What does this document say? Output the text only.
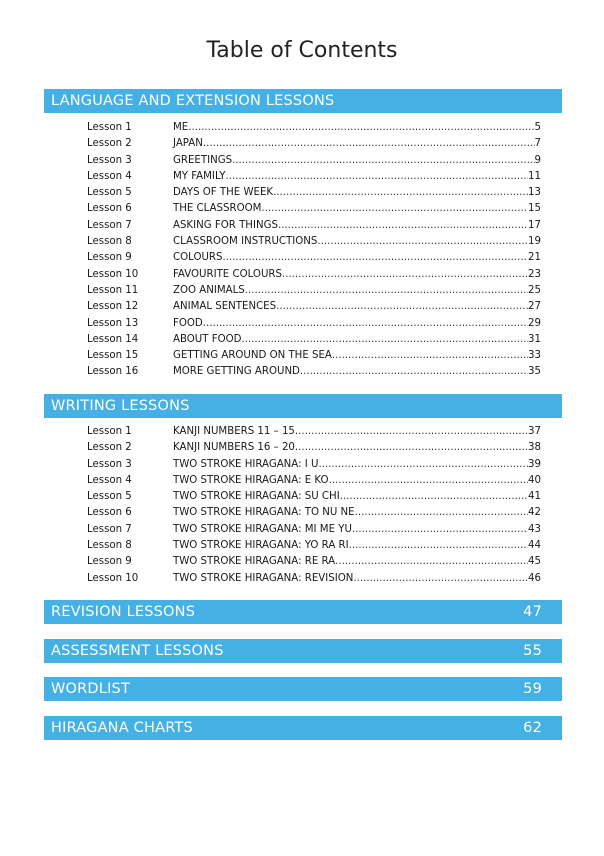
Table of Contents
LANGUAGE AND EXTENSION LESSONS
Lesson 1	ME .....	5
Lesson 2	JAPAN .....	7
Lesson 3	GREETINGS .....	9
Lesson 4	MY FAMILY .....	11
Lesson 5	DAYS OF THE WEEK .....	13
Lesson 6	THE CLASSROOM .....	15
Lesson 7	ASKING FOR THINGS .....	17
Lesson 8	CLASSROOM INSTRUCTIONS .....	19
Lesson 9	COLOURS .....	21
Lesson 10	FAVOURITE COLOURS .....	23
Lesson 11	ZOO ANIMALS .....	25
Lesson 12	ANIMAL SENTENCES .....	27
Lesson 13	FOOD .....	29
Lesson 14	ABOUT FOOD .....	31
Lesson 15	GETTING AROUND ON THE SEA .....	33
Lesson 16	MORE GETTING AROUND .....	35
WRITING LESSONS
Lesson 1	KANJI NUMBERS 11 – 15 .....	37
Lesson 2	KANJI NUMBERS 16 – 20 .....	38
Lesson 3	TWO STROKE HIRAGANA: I U .....	39
Lesson 4	TWO STROKE HIRAGANA: E KO .....	40
Lesson 5	TWO STROKE HIRAGANA: SU CHI .....	41
Lesson 6	TWO STROKE HIRAGANA: TO NU NE .....	42
Lesson 7	TWO STROKE HIRAGANA: MI ME YU .....	43
Lesson 8	TWO STROKE HIRAGANA: YO RA RI .....	44
Lesson 9	TWO STROKE HIRAGANA: RE RA .....	45
Lesson 10	TWO STROKE HIRAGANA: REVISION .....	46
REVISION LESSONS	47
ASSESSMENT LESSONS	55
WORDLIST	59
HIRAGANA CHARTS	62
